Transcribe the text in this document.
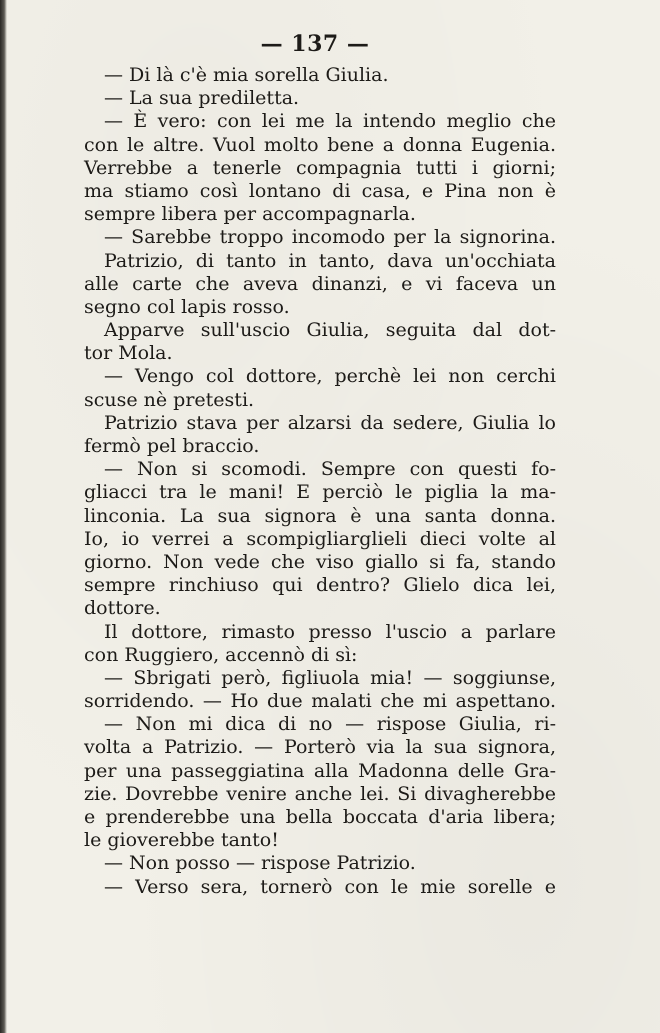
— 137 —
— Di là c'è mia sorella Giulia.
— La sua prediletta.
— È vero: con lei me la intendo meglio che
con le altre. Vuol molto bene a donna Eugenia.
Verrebbe a tenerle compagnia tutti i giorni;
ma stiamo così lontano di casa, e Pina non è
sempre libera per accompagnarla.
— Sarebbe troppo incomodo per la signorina.
Patrizio, di tanto in tanto, dava un'occhiata
alle carte che aveva dinanzi, e vi faceva un
segno col lapis rosso.
Apparve sull'uscio Giulia, seguita dal dot-
tor Mola.
— Vengo col dottore, perchè lei non cerchi
scuse nè pretesti.
Patrizio stava per alzarsi da sedere, Giulia lo
fermò pel braccio.
— Non si scomodi. Sempre con questi fo-
gliacci tra le mani! E perciò le piglia la ma-
linconia. La sua signora è una santa donna.
Io, io verrei a scompigliarglieli dieci volte al
giorno. Non vede che viso giallo si fa, stando
sempre rinchiuso qui dentro? Glielo dica lei,
dottore.
Il dottore, rimasto presso l'uscio a parlare
con Ruggiero, accennò di sì:
— Sbrigati però, figliuola mia! — soggiunse,
sorridendo. — Ho due malati che mi aspettano.
— Non mi dica di no — rispose Giulia, ri-
volta a Patrizio. — Porterò via la sua signora,
per una passeggiatina alla Madonna delle Gra-
zie. Dovrebbe venire anche lei. Si divagherebbe
e prenderebbe una bella boccata d'aria libera;
le gioverebbe tanto!
— Non posso — rispose Patrizio.
— Verso sera, tornerò con le mie sorelle e
